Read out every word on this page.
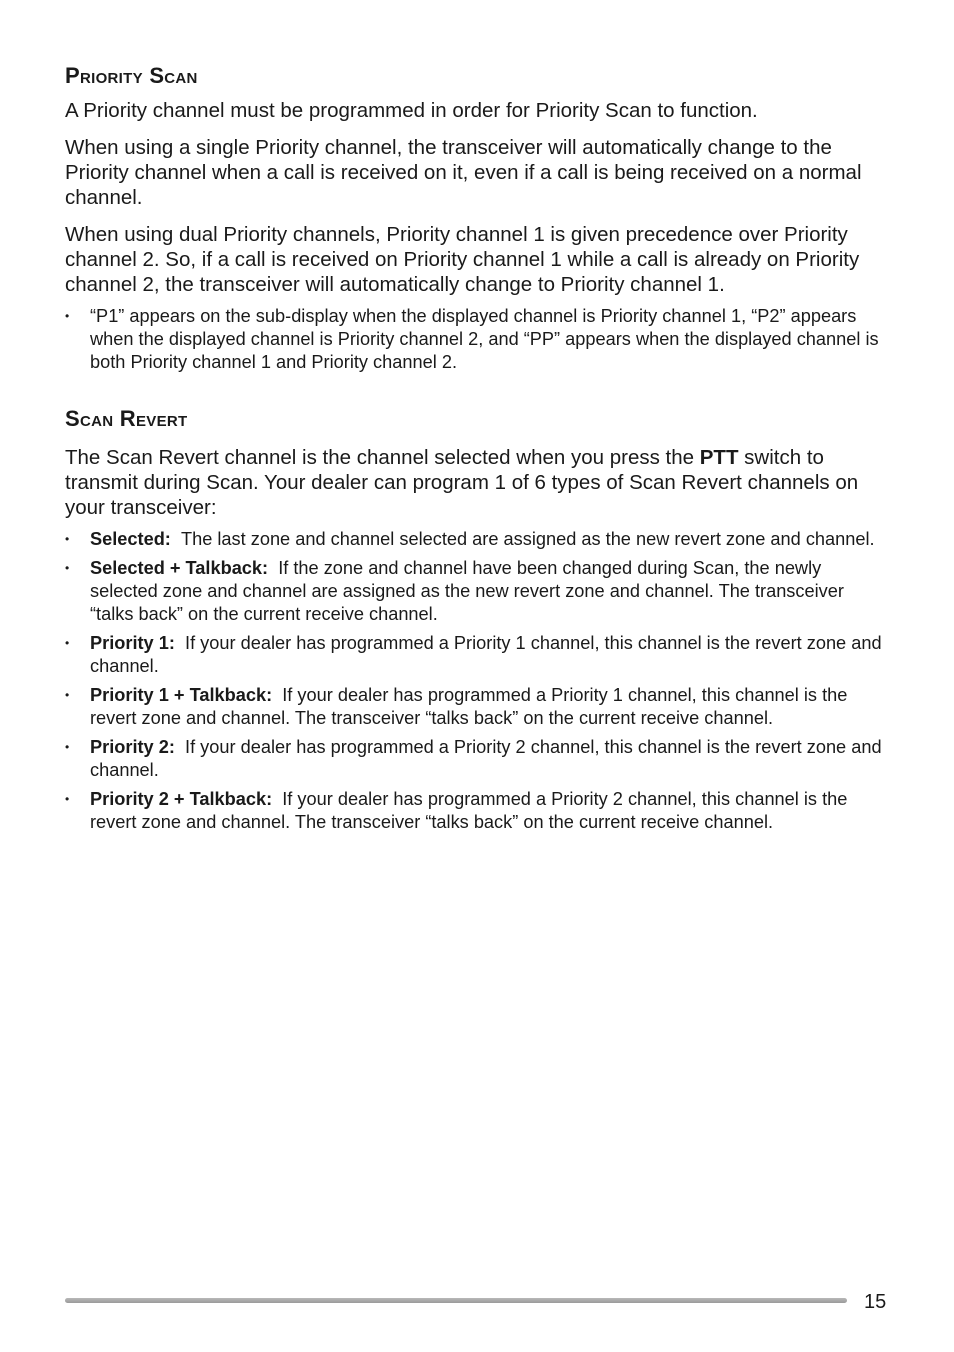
Priority Scan

A Priority channel must be programmed in order for Priority Scan to function.

When using a single Priority channel, the transceiver will automatically change to the Priority channel when a call is received on it, even if a call is being received on a normal channel.

When using dual Priority channels, Priority channel 1 is given precedence over Priority channel 2. So, if a call is received on Priority channel 1 while a call is already on Priority channel 2, the transceiver will automatically change to Priority channel 1.

• “P1” appears on the sub-display when the displayed channel is Priority channel 1, “P2” appears when the displayed channel is Priority channel 2, and “PP” appears when the displayed channel is both Priority channel 1 and Priority channel 2.
Scan Revert

The Scan Revert channel is the channel selected when you press the PTT switch to transmit during Scan. Your dealer can program 1 of 6 types of Scan Revert channels on your transceiver:

• Selected: The last zone and channel selected are assigned as the new revert zone and channel.
• Selected + Talkback: If the zone and channel have been changed during Scan, the newly selected zone and channel are assigned as the new revert zone and channel. The transceiver “talks back” on the current receive channel.
• Priority 1: If your dealer has programmed a Priority 1 channel, this channel is the revert zone and channel.
• Priority 1 + Talkback: If your dealer has programmed a Priority 1 channel, this channel is the revert zone and channel. The transceiver “talks back” on the current receive channel.
• Priority 2: If your dealer has programmed a Priority 2 channel, this channel is the revert zone and channel.
• Priority 2 + Talkback: If your dealer has programmed a Priority 2 channel, this channel is the revert zone and channel. The transceiver “talks back” on the current receive channel.
15
